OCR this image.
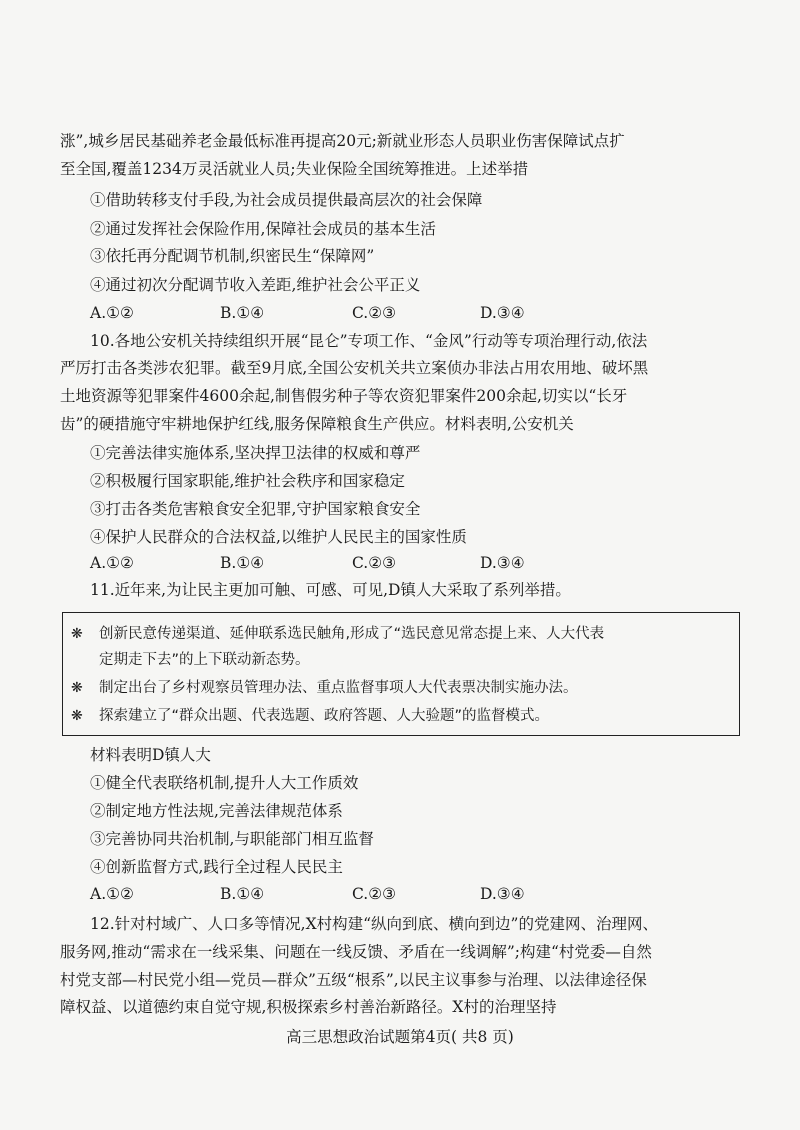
涨”,城乡居民基础养老金最低标准再提高20元;新就业形态人员职业伤害保障试点扩
至全国,覆盖1234万灵活就业人员;失业保险全国统筹推进。上述举措
①借助转移支付手段,为社会成员提供最高层次的社会保障
②通过发挥社会保险作用,保障社会成员的基本生活
③依托再分配调节机制,织密民生“保障网”
④通过初次分配调节收入差距,维护社会公平正义
A.①②	B.①④	C.②③	D.③④
10.各地公安机关持续组织开展“昆仑”专项工作、“金风”行动等专项治理行动,依法
严厉打击各类涉农犯罪。截至9月底,全国公安机关共立案侦办非法占用农用地、破坏黑
土地资源等犯罪案件4600余起,制售假劣种子等农资犯罪案件200余起,切实以“长牙
齿”的硬措施守牢耕地保护红线,服务保障粮食生产供应。材料表明,公安机关
①完善法律实施体系,坚决捍卫法律的权威和尊严
②积极履行国家职能,维护社会秩序和国家稳定
③打击各类危害粮食安全犯罪,守护国家粮食安全
④保护人民群众的合法权益,以维护人民民主的国家性质
A.①②	B.①④	C.②③	D.③④
11.近年来,为让民主更加可触、可感、可见,D镇人大采取了系列举措。
❋ 创新民意传递渠道、延伸联系选民触角,形成了“选民意见常态提上来、人大代表
定期走下去”的上下联动新态势。
❋ 制定出台了乡村观察员管理办法、重点监督事项人大代表票决制实施办法。
❋ 探索建立了“群众出题、代表选题、政府答题、人大验题”的监督模式。
材料表明D镇人大
①健全代表联络机制,提升人大工作质效
②制定地方性法规,完善法律规范体系
③完善协同共治机制,与职能部门相互监督
④创新监督方式,践行全过程人民民主
A.①②	B.①④	C.②③	D.③④
12.针对村域广、人口多等情况,X村构建“纵向到底、横向到边”的党建网、治理网、
服务网,推动“需求在一线采集、问题在一线反馈、矛盾在一线调解”;构建“村党委—自然
村党支部—村民党小组—党员—群众”五级“根系”,以民主议事参与治理、以法律途径保
障权益、以道德约束自觉守规,积极探索乡村善治新路径。X村的治理坚持
高三思想政治试题第4页( 共8 页)
